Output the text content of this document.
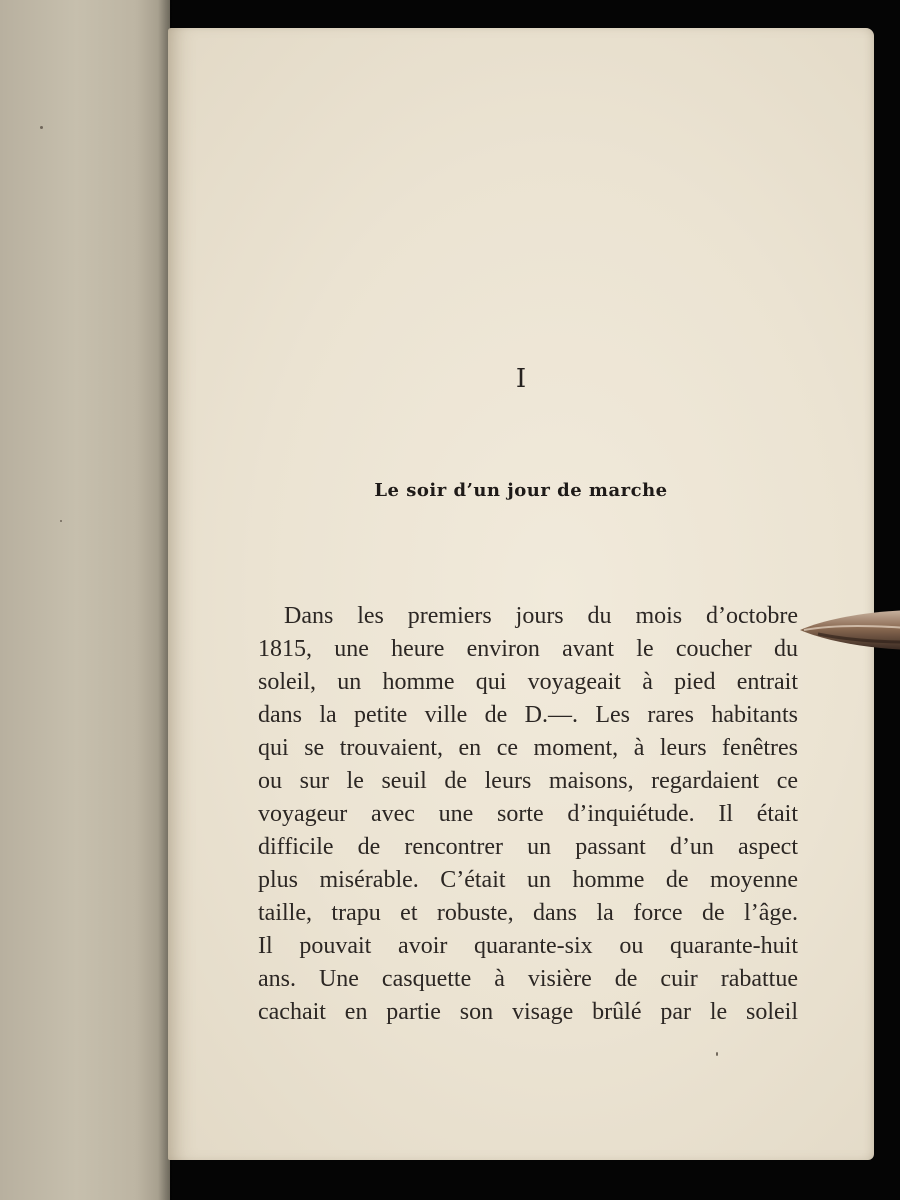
I

Le soir d’un jour de marche

Dans les premiers jours du mois d’octobre
1815, une heure environ avant le coucher du
soleil, un homme qui voyageait à pied entrait
dans la petite ville de D.—. Les rares habitants
qui se trouvaient, en ce moment, à leurs fenêtres
ou sur le seuil de leurs maisons, regardaient ce
voyageur avec une sorte d’inquiétude. Il était
difficile de rencontrer un passant d’un aspect
plus misérable. C’était un homme de moyenne
taille, trapu et robuste, dans la force de l’âge.
Il pouvait avoir quarante-six ou quarante-huit
ans. Une casquette à visière de cuir rabattue
cachait en partie son visage brûlé par le soleil
